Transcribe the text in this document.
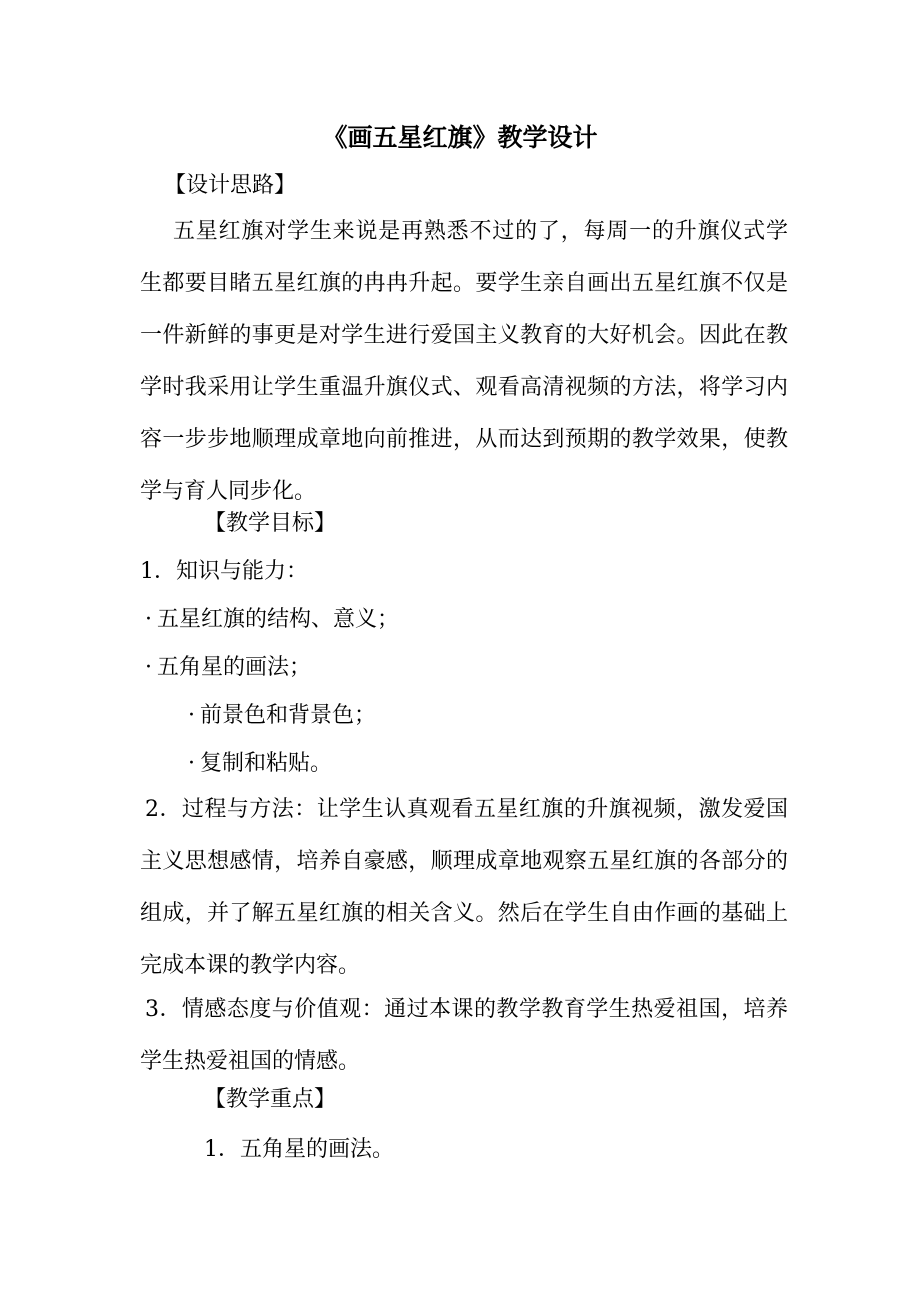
《画五星红旗》教学设计
【设计思路】
五星红旗对学生来说是再熟悉不过的了，每周一的升旗仪式学生都要目睹五星红旗的冉冉升起。要学生亲自画出五星红旗不仅是一件新鲜的事更是对学生进行爱国主义教育的大好机会。因此在教学时我采用让学生重温升旗仪式、观看高清视频的方法，将学习内容一步步地顺理成章地向前推进，从而达到预期的教学效果，使教学与育人同步化。
【教学目标】
1．知识与能力：
· 五星红旗的结构、意义；
· 五角星的画法；
· 前景色和背景色；
· 复制和粘贴。
2．过程与方法：让学生认真观看五星红旗的升旗视频，激发爱国主义思想感情，培养自豪感，顺理成章地观察五星红旗的各部分的组成，并了解五星红旗的相关含义。然后在学生自由作画的基础上完成本课的教学内容。
3．情感态度与价值观：通过本课的教学教育学生热爱祖国，培养学生热爱祖国的情感。
【教学重点】
1．五角星的画法。
